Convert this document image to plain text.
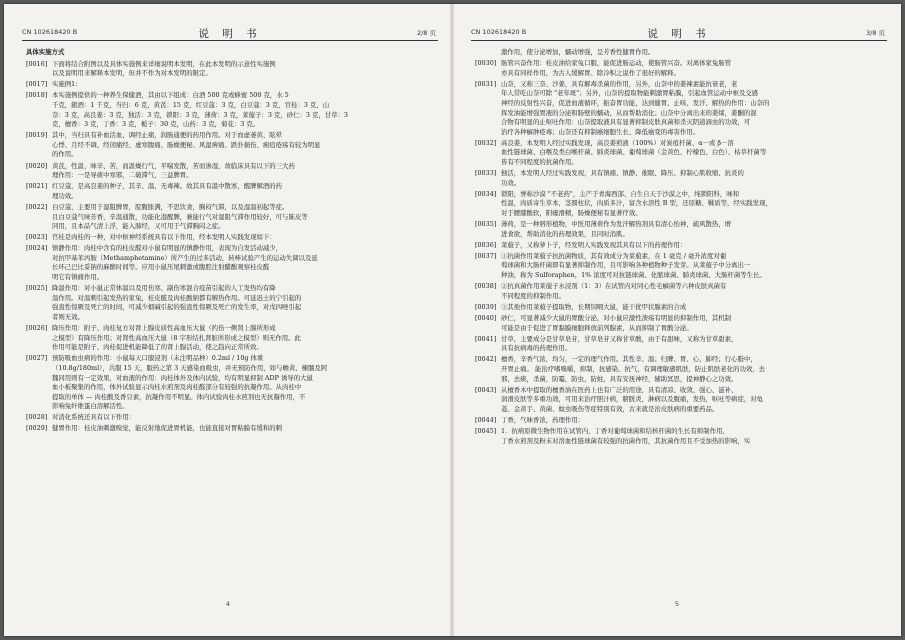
CN 102618420 B	说 明 书	2/8 页
具体实施方式
[0016] 下面将结合附图以及具体实施例来详细说明本发明，在此本发明的示意性实施例
以及说明用来解释本发明，但并不作为对本发明的限定。
[0017] 实施例1：
[0018] 本实施例提供的一种养生保健酒，其由以下组成：白酒 500 克或蜂蜜 500 克，水 5
千克，銀酒：1 千克，当归：6 克，黄芪：15 克，红豆蔻：3 克，白豆蔻：3 克，官桂：3 克，山
奈：3 克，高良姜：3 克，独活：3 克，锁阳：3 克，薄荷：3 克，莱菔子：3 克，砂仁：3 克，甘草：3
克，檀香：3 克，丁香：3 克，栀子：30 克，山药：3 克，菊花：3 克。
[0019] 其中，当归具有补血活血，调经止痛，润肠通便的药用作用。对于血虚萎黄、眩晕
心悸、月经不调、经闭痛经、虚寒腹痛、肠燥便秘、风湿痹痛、跌扑损伤、痈疽疮疡有较为明显
的作用。
[0020] 黄芪，性温，味辛、苦，而温燥行气，平喘发散，苦而渗湿，故临床具有以下的三大药
理作用：一是导痰中寒邪，二破滞气，三益脾胃。
[0021] 红豆蔻，是高良姜的种子，其辛、温、无毒辣。故其具有温中散寒，醒脾解酒的药
理功效。
[0022] 白豆蔻，主要用于湿阻脾胃，脘腹胀满，不思饮食，胸闷气滞，以及湿温初起等症。
且白豆蔻气味芳香，辛温通散，功能化湿醒脾，兼能行气对湿阻气滞作用较好，可与陈皮等
同用，且本品气清上浮，能入肺经，又可用于气滞胸闷之症。
[0023] 官桂是肉桂的一种，对中枢神经系统具有以下作用，经本发明人实践发现如下：
[0024] 镇静作用：肉桂中含有的桂皮醛对小鼠有明显的镇静作用，表现为自发活动减少，
对抗甲基苯丙胺（Methamphetamine）所产生的过多活动，转棒试验产生的运动失调以及延
长环己巴比妥钠的麻醉时间等。应用小鼠压尾刺激或腹腔注射醋酸观察桂皮醛
明它有镇痛作用。
[0025] 降温作用：对小鼠正常体温以及用伤寒、副伤寒混合疫苗引起的人工发热均有降
温作用。对温剌引起发热的家兔，桂皮醛及肉桂酸钠都有解热作用。可延迟士的宁引起的
强直性惊厥及死亡的时间，可减少烟碱引起的强直性惊厥及死亡的发生率，对戊四唑引起
者则无效。
[0026] 降压作用：附子、肉桂复方对肾上腺皮质性高血压大鼠（约伤一侧肾上腺所形成
之模型）有降压作用；对肾性高血压大鼠（8 字形结扎肾脏所形成之模型）则无作用。此
作用可能是附子、肉桂促进机能降低了的肾上腺活动，使之趋向正常所致。
[0027] 预防吸血虫病的作用：小鼠每天口服浸剂（未注明品种）0.2ml / 10g 体重
（10.8g/180ml），共服 15 天，服药之第 3 天感染血吸虫，并无预防作用，如与蟾黄、楝髓及阿
魏同用则有一定效果，对血液的作用：肉桂体外及体内试验，均有明显抑制 ADP 诱导的大鼠
血小板聚集的作用，体外试验显示肉桂水煎剂及肉桂醛部分有较强的抗凝作用。从肉桂中
提取的单体 — 肉桂酸及香豆素，抗凝作用不明显。体内试验肉桂水煎剂也无抗凝作用，不
影响兔纤维蛋白溶解活性。
[0028] 对消化系统还具有以下作用：
[0029] 健胃作用：桂皮油刺激嗅觉，能反射地促进胃机能，也能直接对胃粘膜有缓和的刺
4
CN 102618420 B	说 明 书	3/8 页
激作用，使分泌增加，蠕动增强，呈芳香性健胃作用。
[0030] 肠管兴奋作用：桂皮油给家兔口服，能促进肠运动，使肠管兴奋。对离体家兔肠管
亦具有同样作用，为古人缓解胃、除冷积之说作了很好的解释。
[0031] 山奈，又称三奈、沙姜，具有解毒杀菌的作用，另外，山奈中的姜辣素能抗衰老，老
年人常吃山奈可除 "老年斑"；另外，山奈的提取物能刺激胃粘膜，引起血管运动中枢及交感
神经的反射性兴奋，促进血液循环，振奋胃功能，达到健胃、止咳、发汗、解热的作用：山奈的
挥发油能增强胃液的分泌和肠壁的蠕动，从而帮助消化；山奈中分离出来的姜烯，姜酮的混
合物有明显的止呕吐作用：山奈提取液具有显著抑制皮肤真菌和杀灭阴道滴虫的功效，可
治疗各种癣肿疮毒；山奈还有抑制癌细胞生长、降低癌变的毒害作用。
[0032] 高良姜，本发明人经过实践发现，高良姜煎液（100%）对炭疽杆菌、α－或 β－溶
血性链球菌、白喉及类白喉杆菌、肺炎球菌、葡萄球菌（金黄色、柠檬色、白色）、枯草杆菌等
皆有不同程度的抗菌作用。
[0033] 独活，本发明人经过实践发现，具有镇痛、镇静、催眠、降压、抑制心肌收缩、抗炎的
功效。
[0034] 锁阳，誉称沙漠 "不老药"，主产于青海西部、自生自天于沙漠之中，纯锁阳科，味和
性温，肉质寄生草本，茎圆柱状，肉质多汁，富含水溶性 B 型，还原糖、鞣质等，经实践发现，
对于腰膝酸软，阳痿滑精，肠燥便秘有显著疗效。
[0035] 薄荷，是一种唇形植物，中医用薄荷作为发汗解热剂具有清心怡神，疏风散热，增
进食欲，帮助消化的药理效果，且同时消肌。
[0036] 莱菔子，又称萝卜子，经发明人实践发现其具有以下的药理作用：
[0037] ①抗菌作用莱菔子抗抗菌物质，其有效成分为莱菔素，在 1 毫克 / 毫升浓度对葡
萄球菌和大肠杆菌即有显著抑制作用，且可影响各种植物种子发芽。从莱菔子中分离出一
种油，称为 Sulforaphen，1% 浓度可对抗链球菌、化脓球菌、肺炎球菌、大肠杆菌等生长。
[0038] ②抗真菌作用莱菔子水浸剂（1：3）在试管内对同心性毛癣菌等六种皮肤真菌有
不同程度的抑制作用。
[0039] ③其他作用莱菔子提取物，长期饲喂大鼠，能干扰甲状腺素的合成
[0040] 砂仁，可显著减少大鼠的胃酸分泌，对小鼠应激性溃疡有明显的抑制作用，其机制
可能是由于促进了胃黏膜细胞释放前列腺素，从而抑制了胃酸分泌。
[0041] 甘草，主要成分是甘草皂苷，甘草皂苷又称甘草酸，由于有甜味，又称为甘草甜素，
具有抗病毒的药理作用。
[0042] 檀香，辛香气浓，均匀，一定的理气作用。其性辛、温；归脾、胃、心、肺经；行心脂中，
开胃止痛。 能治疗嗜嗅嚼，抑制，抗感染、抗气，有调理敏感肌肤，防止肌肤老化的功效，去
邪，去痰，杀菌，防霉，防虫，防蛀，具有安抚神经，辅助冥思，提神静心之功效。
[0043] 从檀香木中提取的檀香油在医药上也有广泛的用途，具有清凉、收敛、强心、滋补、
润滑皮肤等多重功效，可用来治疗胆汁病，膀胱炎，淋病以及腹痛，发热，呕吐等病症，对龟
菱、金黄手、黄菌、蚊虫吸伤等症特别有效，古来就是治皮肤病的重要药品。
[0044] 丁香，气味香浓，药理作用：
[0045] 1．抗病原微生物作用在试管内，丁香对葡萄球菌和结核杆菌的生长有抑制作用，
丁香水煎剂及粉末对溶血性链球菌有较强的抗菌作用，其抗菌作用且不受加热的影响，实
5
